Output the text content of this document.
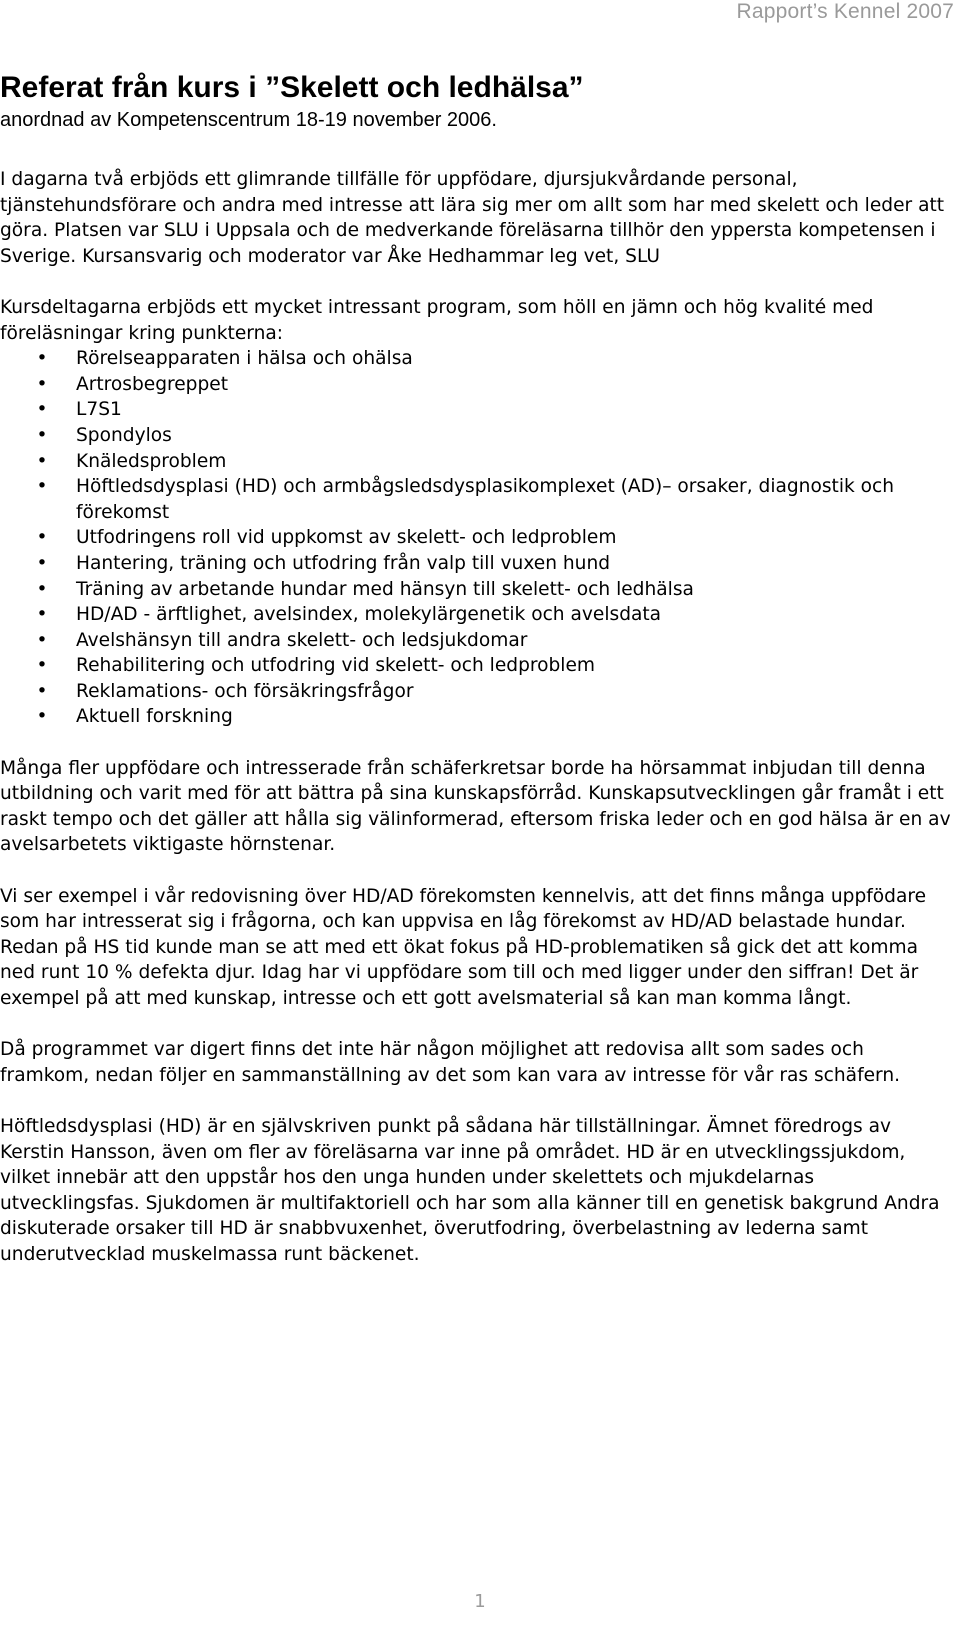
Rapport’s Kennel 2007
Referat från kurs i ”Skelett och ledhälsa”

anordnad av Kompetenscentrum 18-19 november 2006.

I dagarna två erbjöds ett glimrande tillfälle för uppfödare, djursjukvårdande personal, tjänstehundsförare och andra med intresse att lära sig mer om allt som har med skelett och leder att göra. Platsen var SLU i Uppsala och de medverkande föreläsarna tillhör den yppersta kompetensen i Sverige. Kursansvarig och moderator var Åke Hedhammar leg vet, SLU

Kursdeltagarna erbjöds ett mycket intressant program, som höll en jämn och hög kvalité med föreläsningar kring punkterna:

• Rörelseapparaten i hälsa och ohälsa
• Artrosbegreppet
• L7S1
• Spondylos
• Knäledsproblem
• Höftledsdysplasi (HD) och armbågsledsdysplasikomplexet (AD)– orsaker, diagnostik och förekomst
• Utfodringens roll vid uppkomst av skelett- och ledproblem
• Hantering, träning och utfodring från valp till vuxen hund
• Träning av arbetande hundar med hänsyn till skelett- och ledhälsa
• HD/AD - ärftlighet, avelsindex, molekylärgenetik och avelsdata
• Avelshänsyn till andra skelett- och ledsjukdomar
• Rehabilitering och utfodring vid skelett- och ledproblem
• Reklamations- och försäkringsfrågor
• Aktuell forskning

Många fler uppfödare och intresserade från schäferkretsar borde ha hörsammat inbjudan till denna utbildning och varit med för att bättra på sina kunskapsförråd. Kunskapsutvecklingen går framåt i ett raskt tempo och det gäller att hålla sig välinformerad, eftersom friska leder och en god hälsa är en av avelsarbetets viktigaste hörnstenar.

Vi ser exempel i vår redovisning över HD/AD förekomsten kennelvis, att det finns många uppfödare som har intresserat sig i frågorna, och kan uppvisa en låg förekomst av HD/AD belastade hundar. Redan på HS tid kunde man se att med ett ökat fokus på HD-problematiken så gick det att komma ned runt 10 % defekta djur. Idag har vi uppfödare som till och med ligger under den siffran! Det är exempel på att med kunskap, intresse och ett gott avelsmaterial så kan man komma långt.

Då programmet var digert finns det inte här någon möjlighet att redovisa allt som sades och framkom, nedan följer en sammanställning av det som kan vara av intresse för vår ras schäfern.

Höftledsdysplasi (HD) är en självskriven punkt på sådana här tillställningar. Ämnet föredrogs av Kerstin Hansson, även om fler av föreläsarna var inne på området. HD är en utvecklingssjukdom, vilket innebär att den uppstår hos den unga hunden under skelettets och mjukdelarnas utvecklingsfas. Sjukdomen är multifaktoriell och har som alla känner till en genetisk bakgrund Andra diskuterade orsaker till HD är snabbvuxenhet, överutfodring, överbelastning av lederna samt underutvecklad muskelmassa runt bäckenet.

1
